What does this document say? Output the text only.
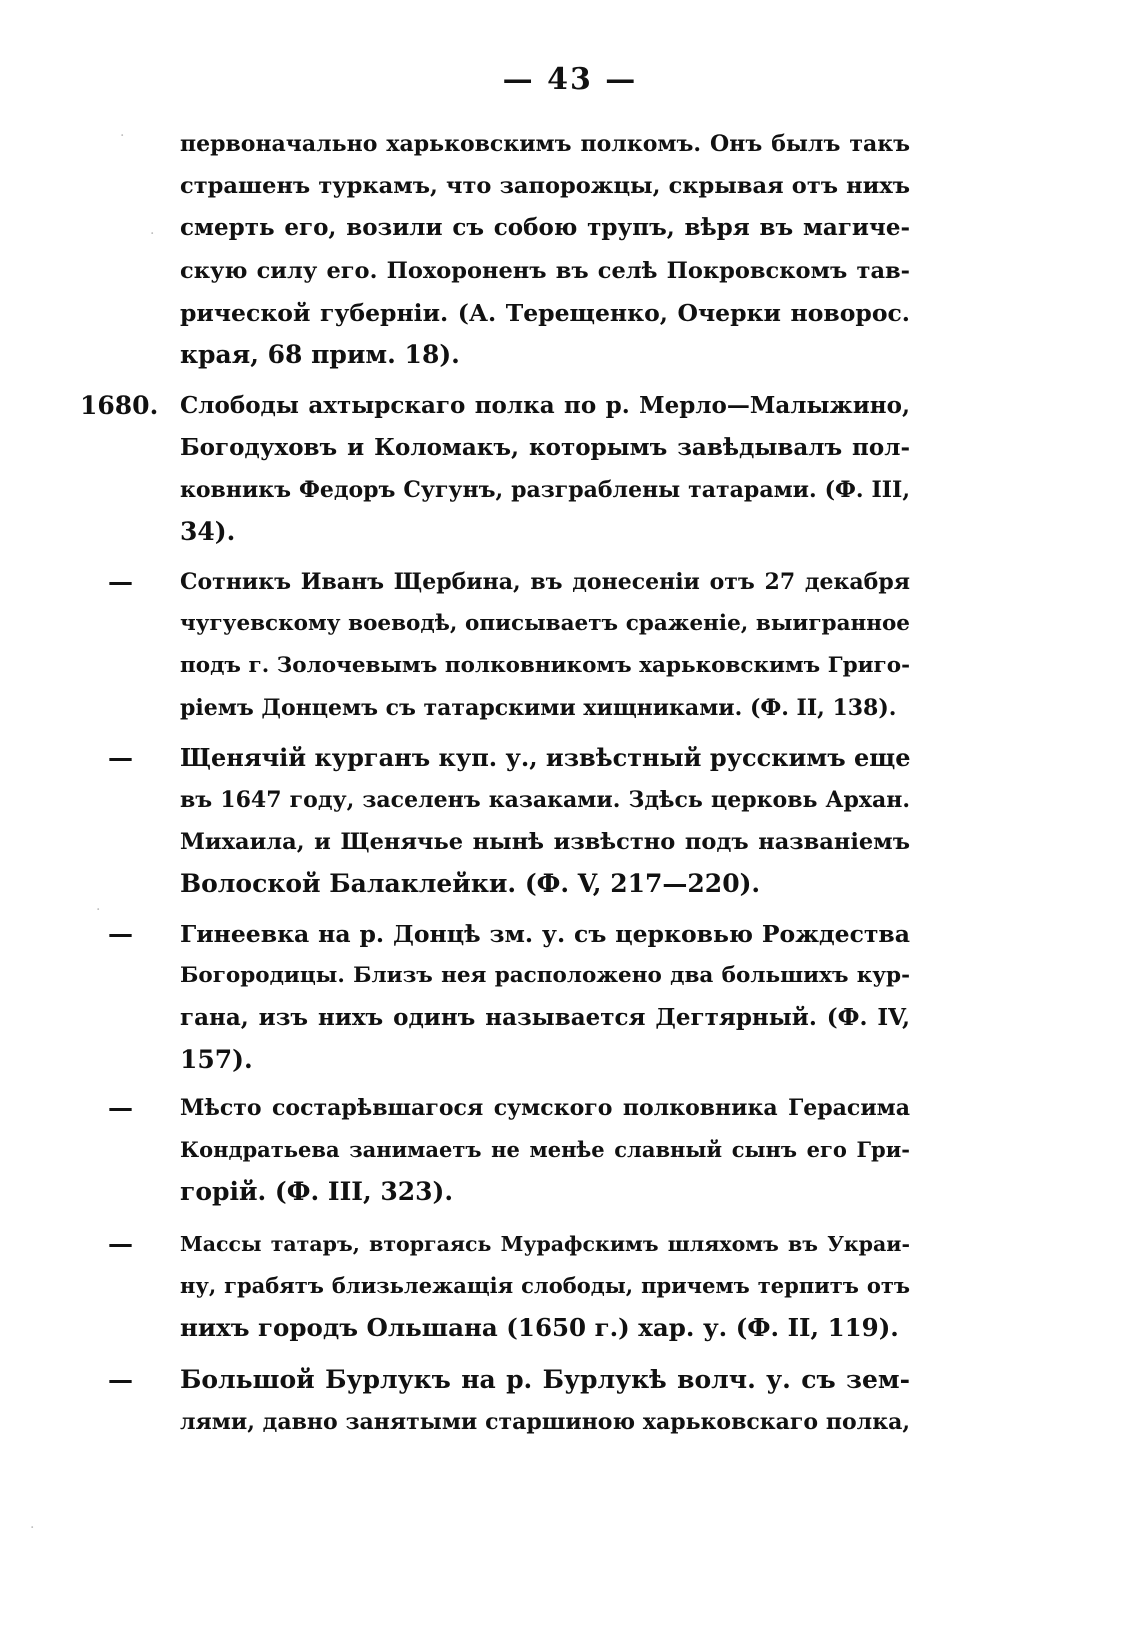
— 43 —
первоначально харьковскимъ полкомъ. Онъ былъ такъ
страшенъ туркамъ, что запорожцы, скрывая отъ нихъ
смерть его, возили съ собою трупъ, вѣря въ магиче-
скую силу его. Похороненъ въ селѣ Покровскомъ тав-
рической губерніи. (А. Терещенко, Очерки новорос.
края, 68 прим. 18).
1680. Слободы ахтырскаго полка по р. Мерло—Малыжино,
Богодуховъ и Коломакъ, которымъ завѣдывалъ пол-
ковникъ Федоръ Сугунъ, разграблены татарами. (Ф. III,
34).
—	Сотникъ Иванъ Щербина, въ донесеніи отъ 27 декабря
чугуевскому воеводѣ, описываетъ сраженіе, выигранное
подъ г. Золочевымъ полковникомъ харьковскимъ Григо-
ріемъ Донцемъ съ татарскими хищниками. (Ф. II, 138).
—	Щенячій курганъ куп. у., извѣстный русскимъ еще
въ 1647 году, заселенъ казаками. Здѣсь церковь Архан.
Михаила, и Щенячье нынѣ извѣстно подъ названіемъ
Волоской Балаклейки. (Ф. V, 217—220).
—	Гинеевка на р. Донцѣ зм. у. съ церковью Рождества
Богородицы. Близъ нея расположено два большихъ кур-
гана, изъ нихъ одинъ называется Дегтярный. (Ф. IV,
157).
—	Мѣсто состарѣвшагося сумского полковника Герасима
Кондратьева занимаетъ не менѣе славный сынъ его Гри-
горій. (Ф. III, 323).
—	Массы татаръ, вторгаясь Мурафскимъ шляхомъ въ Украи-
ну, грабятъ близьлежащія слободы, причемъ терпитъ отъ
нихъ городъ Ольшана (1650 г.) хар. у. (Ф. II, 119).
—	Большой Бурлукъ на р. Бурлукѣ волч. у. съ зем-
лями, давно занятыми старшиною харьковскаго полка,
·
·
·
·
